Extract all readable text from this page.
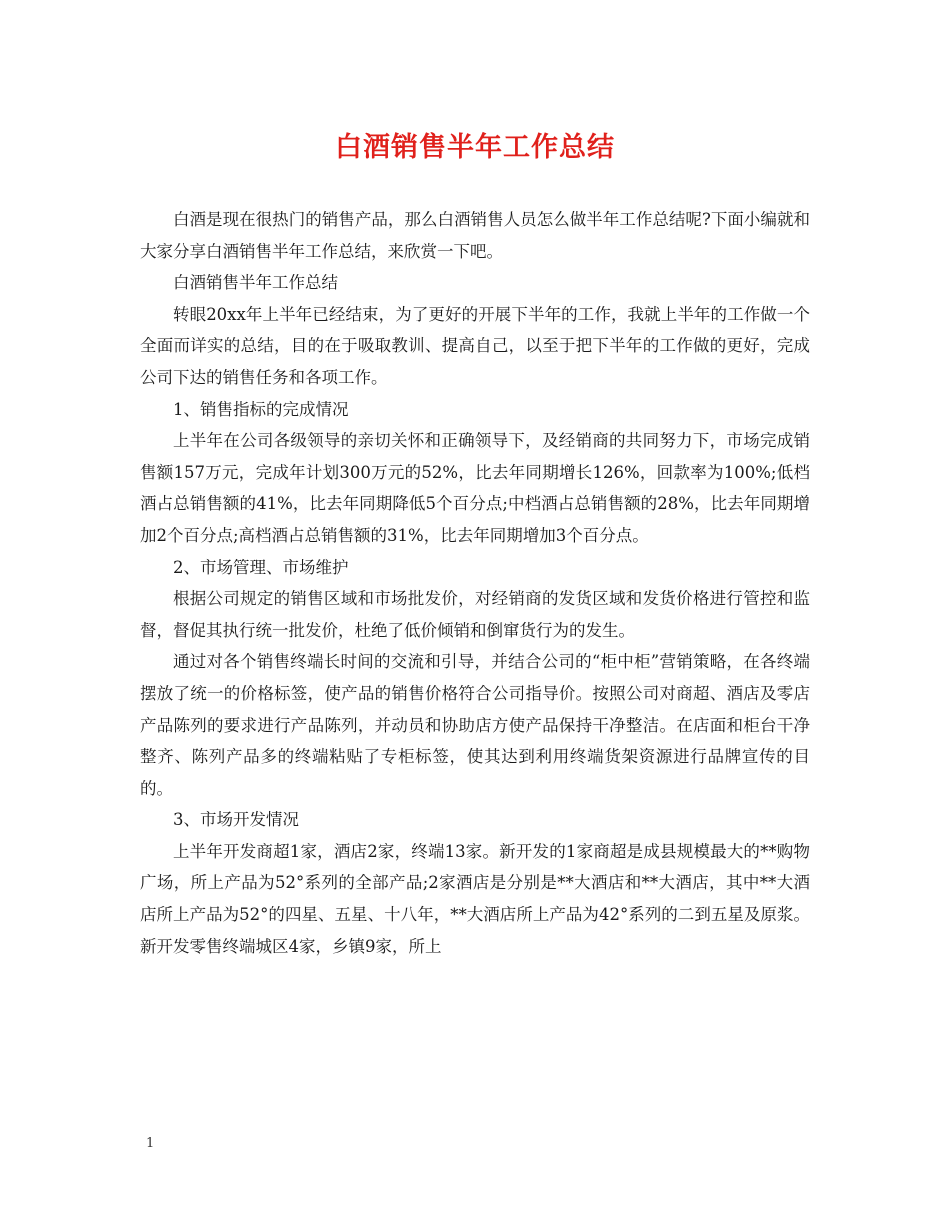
白酒销售半年工作总结

白酒是现在很热门的销售产品，那么白酒销售人员怎么做半年工作总结呢?下面小编就和大家分享白酒销售半年工作总结，来欣赏一下吧。

白酒销售半年工作总结

转眼20xx年上半年已经结束，为了更好的开展下半年的工作，我就上半年的工作做一个全面而详实的总结，目的在于吸取教训、提高自己，以至于把下半年的工作做的更好，完成公司下达的销售任务和各项工作。

1、销售指标的完成情况

上半年在公司各级领导的亲切关怀和正确领导下，及经销商的共同努力下，市场完成销售额157万元，完成年计划300万元的52%，比去年同期增长126%，回款率为100%;低档酒占总销售额的41%，比去年同期降低5个百分点;中档酒占总销售额的28%，比去年同期增加2个百分点;高档酒占总销售额的31%，比去年同期增加3个百分点。

2、市场管理、市场维护

根据公司规定的销售区域和市场批发价，对经销商的发货区域和发货价格进行管控和监督，督促其执行统一批发价，杜绝了低价倾销和倒窜货行为的发生。

通过对各个销售终端长时间的交流和引导，并结合公司的“柜中柜”营销策略，在各终端摆放了统一的价格标签，使产品的销售价格符合公司指导价。按照公司对商超、酒店及零店产品陈列的要求进行产品陈列，并动员和协助店方使产品保持干净整洁。在店面和柜台干净整齐、陈列产品多的终端粘贴了专柜标签，使其达到利用终端货架资源进行品牌宣传的目的。

3、市场开发情况

上半年开发商超1家，酒店2家，终端13家。新开发的1家商超是成县规模最大的**购物广场，所上产品为52°系列的全部产品;2家酒店是分别是**大酒店和**大酒店，其中**大酒店所上产品为52°的四星、五星、十八年，**大酒店所上产品为42°系列的二到五星及原浆。新开发零售终端城区4家，乡镇9家，所上

1
